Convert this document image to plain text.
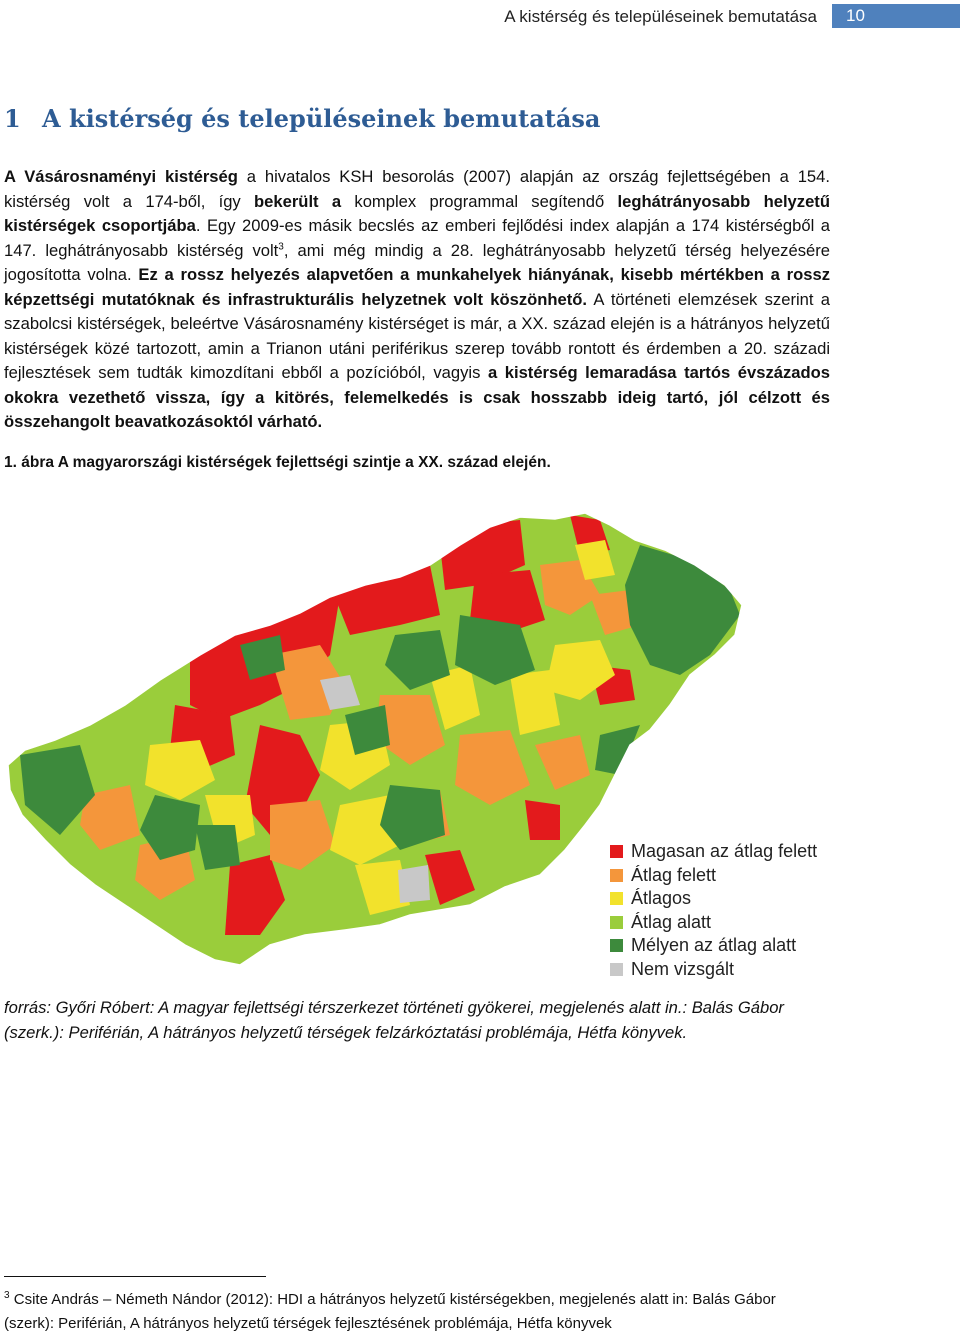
A kistérség és településeinek bemutatása	10
1 A kistérség és településeinek bemutatása

A Vásárosnaményi kistérség a hivatalos KSH besorolás (2007) alapján az ország fejlettségében a 154. kistérség volt a 174-ből, így bekerült a komplex programmal segítendő leghátrányosabb helyzetű kistérségek csoportjába. Egy 2009-es másik becslés az emberi fejlődési index alapján a 174 kistérségből a 147. leghátrányosabb kistérség volt$^3$, ami még mindig a 28. leghátrányosabb helyzetű térség helyezésére jogosította volna. Ez a rossz helyezés alapvetően a munkahelyek hiányának, kisebb mértékben a rossz képzettségi mutatóknak és infrastrukturális helyzetnek volt köszönhető. A történeti elemzések szerint a szabolcsi kistérségek, beleértve Vásárosnamény kistérséget is már, a XX. század elején is a hátrányos helyzetű kistérségek közé tartozott, amin a Trianon utáni periférikus szerep tovább rontott és érdemben a 20. századi fejlesztések sem tudták kimozdítani ebből a pozícióból, vagyis a kistérség lemaradása tartós évszázados okokra vezethető vissza, így a kitörés, felemelkedés is csak hosszabb ideig tartó, jól célzott és összehangolt beavatkozásoktól várható.

1. ábra A magyarországi kistérségek fejlettségi szintje a XX. század elején.

Magasan az átlag felett
Átlag felett
Átlagos
Átlag alatt
Mélyen az átlag alatt
Nem vizsgált

forrás: Győri Róbert: A magyar fejlettségi térszerkezet történeti gyökerei, megjelenés alatt in.: Balás Gábor (szerk.): Periférián, A hátrányos helyzetű térségek felzárkóztatási problémája, Hétfa könyvek.

$^3$ Csite András – Németh Nándor (2012): HDI a hátrányos helyzetű kistérségekben, megjelenés alatt in: Balás Gábor (szerk): Periférián, A hátrányos helyzetű térségek fejlesztésének problémája, Hétfa könyvek
